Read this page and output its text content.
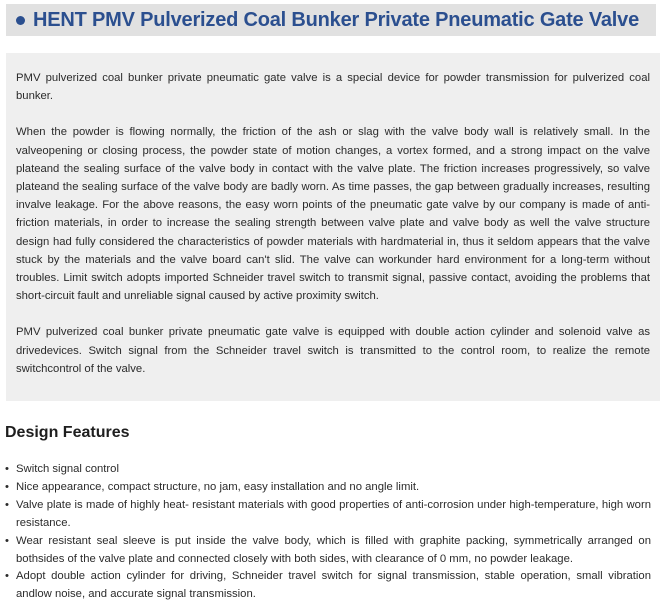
HENT PMV Pulverized Coal Bunker Private Pneumatic Gate Valve

PMV pulverized coal bunker private pneumatic gate valve is a special device for powder transmission for pulverized coal bunker.

When the powder is flowing normally, the friction of the ash or slag with the valve body wall is relatively small. In the valveopening or closing process, the powder state of motion changes, a vortex formed, and a strong impact on the valve plateand the sealing surface of the valve body in contact with the valve plate. The friction increases progressively, so valve plateand the sealing surface of the valve body are badly worn. As time passes, the gap between gradually increases, resulting invalve leakage. For the above reasons, the easy worn points of the pneumatic gate valve by our company is made of anti-friction materials, in order to increase the sealing strength between valve plate and valve body as well the valve structure design had fully considered the characteristics of powder materials with hardmaterial in, thus it seldom appears that the valve stuck by the materials and the valve board can't slid. The valve can workunder hard environment for a long-term without troubles. Limit switch adopts imported Schneider travel switch to transmit signal, passive contact, avoiding the problems that short-circuit fault and unreliable signal caused by active proximity switch.

PMV pulverized coal bunker private pneumatic gate valve is equipped with double action cylinder and solenoid valve as drivedevices. Switch signal from the Schneider travel switch is transmitted to the control room, to realize the remote switchcontrol of the valve.

Design Features
• Switch signal control
• Nice appearance, compact structure, no jam, easy installation and no angle limit.
• Valve plate is made of highly heat- resistant materials with good properties of anti-corrosion under high-temperature, high worn resistance.
• Wear resistant seal sleeve is put inside the valve body, which is filled with graphite packing, symmetrically arranged on bothsides of the valve plate and connected closely with both sides, with clearance of 0 mm, no powder leakage.
• Adopt double action cylinder for driving, Schneider travel switch for signal transmission, stable operation, small vibration andlow noise, and accurate signal transmission.
